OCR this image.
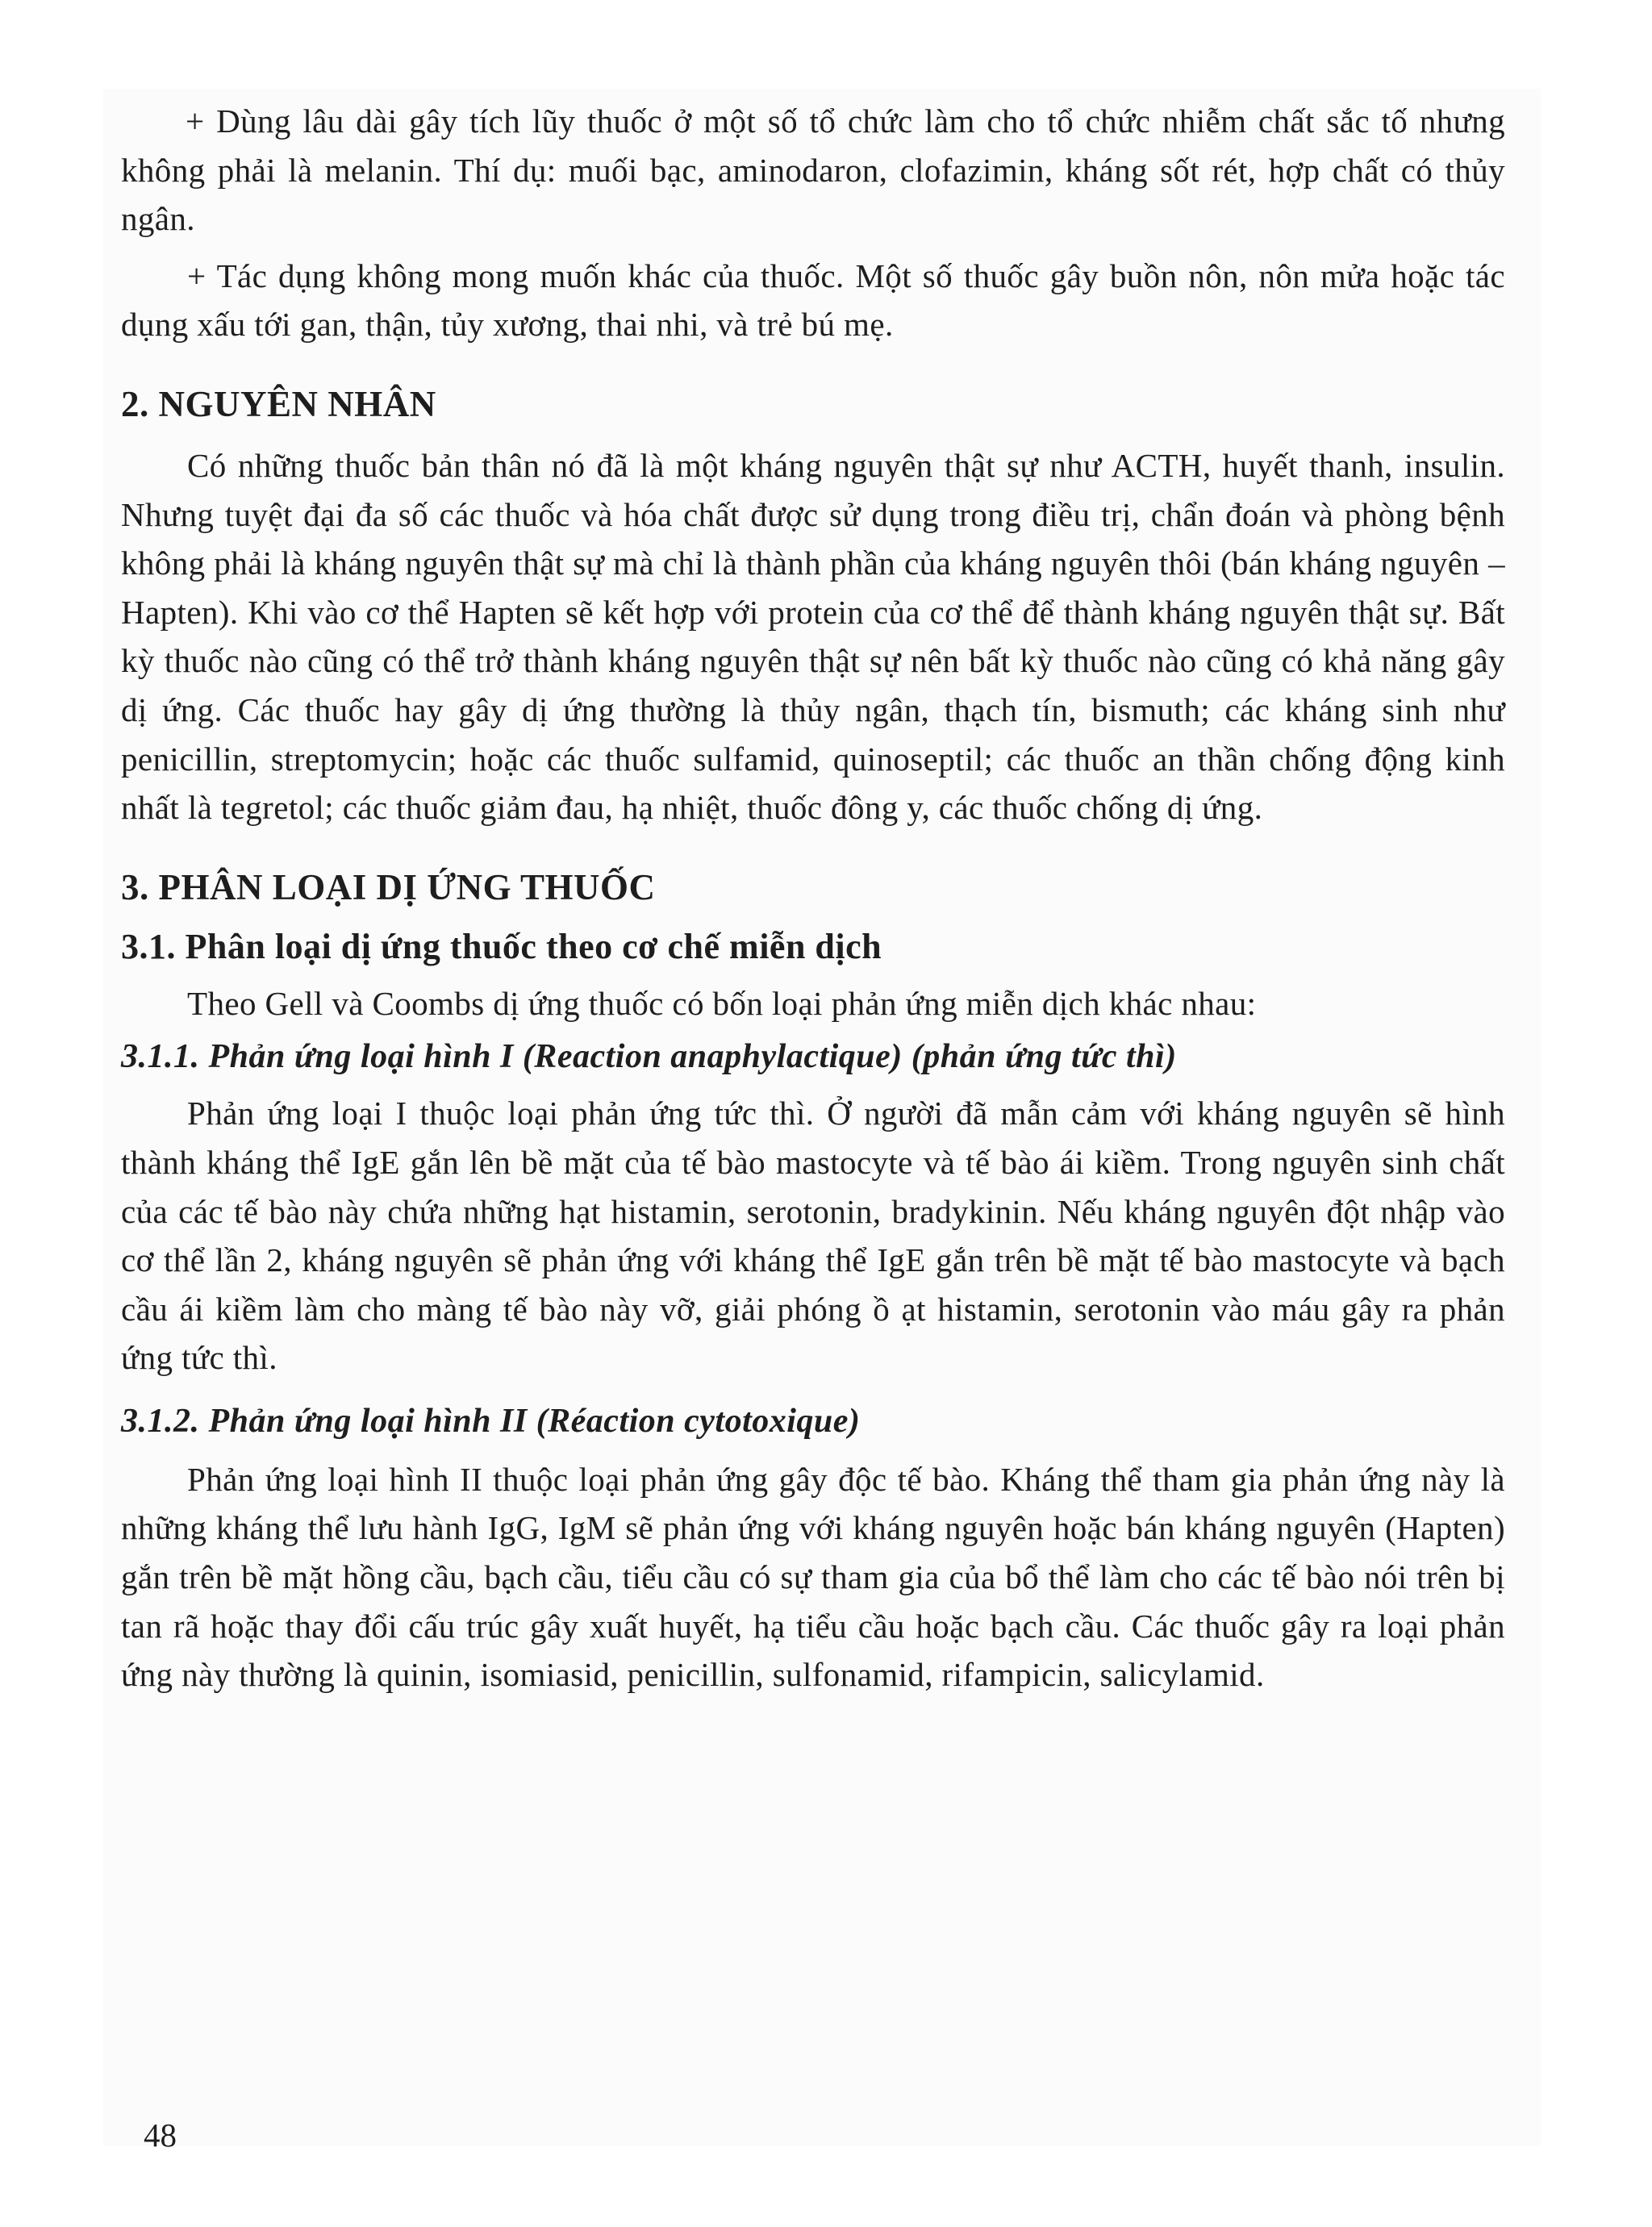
+ Dùng lâu dài gây tích lũy thuốc ở một số tổ chức làm cho tổ chức nhiễm chất sắc tố nhưng không phải là melanin. Thí dụ: muối bạc, aminodaron, clofazimin, kháng sốt rét, hợp chất có thủy ngân.

+ Tác dụng không mong muốn khác của thuốc. Một số thuốc gây buồn nôn, nôn mửa hoặc tác dụng xấu tới gan, thận, tủy xương, thai nhi, và trẻ bú mẹ.

2. NGUYÊN NHÂN

Có những thuốc bản thân nó đã là một kháng nguyên thật sự như ACTH, huyết thanh, insulin. Nhưng tuyệt đại đa số các thuốc và hóa chất được sử dụng trong điều trị, chẩn đoán và phòng bệnh không phải là kháng nguyên thật sự mà chỉ là thành phần của kháng nguyên thôi (bán kháng nguyên – Hapten). Khi vào cơ thể Hapten sẽ kết hợp với protein của cơ thể để thành kháng nguyên thật sự. Bất kỳ thuốc nào cũng có thể trở thành kháng nguyên thật sự nên bất kỳ thuốc nào cũng có khả năng gây dị ứng. Các thuốc hay gây dị ứng thường là thủy ngân, thạch tín, bismuth; các kháng sinh như penicillin, streptomycin; hoặc các thuốc sulfamid, quinoseptil; các thuốc an thần chống động kinh nhất là tegretol; các thuốc giảm đau, hạ nhiệt, thuốc đông y, các thuốc chống dị ứng.

3. PHÂN LOẠI DỊ ỨNG THUỐC
3.1. Phân loại dị ứng thuốc theo cơ chế miễn dịch

Theo Gell và Coombs dị ứng thuốc có bốn loại phản ứng miễn dịch khác nhau:

3.1.1. Phản ứng loại hình I (Reaction anaphylactique) (phản ứng tức thì)

Phản ứng loại I thuộc loại phản ứng tức thì. Ở người đã mẫn cảm với kháng nguyên sẽ hình thành kháng thể IgE gắn lên bề mặt của tế bào mastocyte và tế bào ái kiềm. Trong nguyên sinh chất của các tế bào này chứa những hạt histamin, serotonin, bradykinin. Nếu kháng nguyên đột nhập vào cơ thể lần 2, kháng nguyên sẽ phản ứng với kháng thể IgE gắn trên bề mặt tế bào mastocyte và bạch cầu ái kiềm làm cho màng tế bào này vỡ, giải phóng ồ ạt histamin, serotonin vào máu gây ra phản ứng tức thì.

3.1.2. Phản ứng loại hình II (Réaction cytotoxique)

Phản ứng loại hình II thuộc loại phản ứng gây độc tế bào. Kháng thể tham gia phản ứng này là những kháng thể lưu hành IgG, IgM sẽ phản ứng với kháng nguyên hoặc bán kháng nguyên (Hapten) gắn trên bề mặt hồng cầu, bạch cầu, tiểu cầu có sự tham gia của bổ thể làm cho các tế bào nói trên bị tan rã hoặc thay đổi cấu trúc gây xuất huyết, hạ tiểu cầu hoặc bạch cầu. Các thuốc gây ra loại phản ứng này thường là quinin, isomiasid, penicillin, sulfonamid, rifampicin, salicylamid.

48
